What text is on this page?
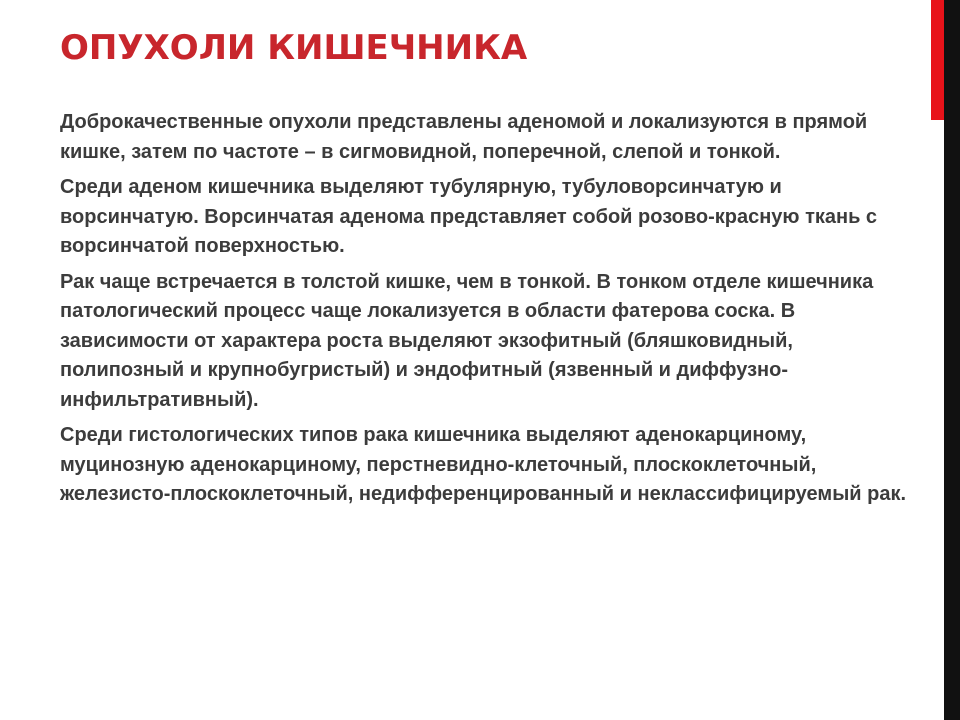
ОПУХОЛИ КИШЕЧНИКА

Доброкачественные опухоли представлены аденомой и локализуются в прямой кишке, затем по частоте – в сигмовидной, поперечной, слепой и тонкой.

Среди аденом кишечника выделяют тубулярную, тубуловорсинчатую и ворсинчатую. Ворсинчатая аденома представляет собой розово-красную ткань с ворсинчатой поверхностью.

Рак чаще встречается в толстой кишке, чем в тонкой. В тонком отделе кишечника патологический процесс чаще локализуется в области фатерова соска. В зависимости от характера роста выделяют экзофитный (бляшковидный, полипозный и крупнобугристый) и эндофитный (язвенный и диффузно-инфильтративный).

Среди гистологических типов рака кишечника выделяют аденокарциному, муцинозную аденокарциному, перстневидно-клеточный, плоскоклеточный, железисто-плоскоклеточный, недифференцированный и неклассифицируемый рак.
